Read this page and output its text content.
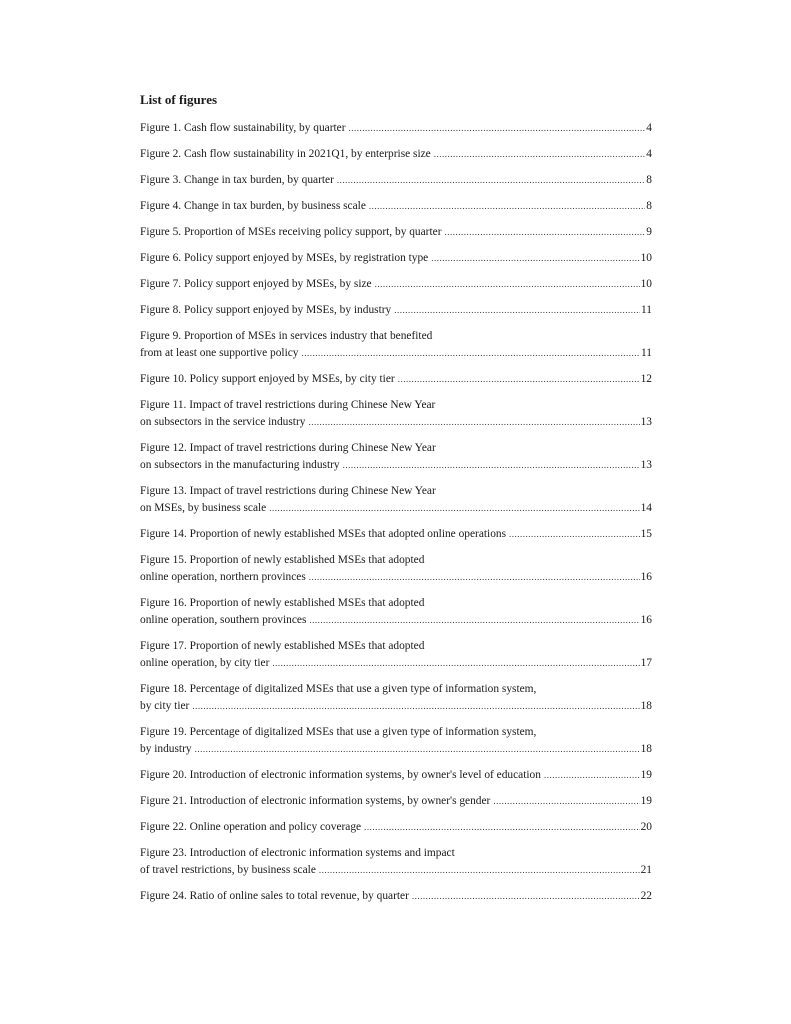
List of figures
Figure 1. Cash flow sustainability, by quarter .....	4
Figure 2. Cash flow sustainability in 2021Q1, by enterprise size .....	4
Figure 3. Change in tax burden, by quarter .....	8
Figure 4. Change in tax burden, by business scale .....	8
Figure 5. Proportion of MSEs receiving policy support, by quarter .....	9
Figure 6. Policy support enjoyed by MSEs, by registration type .....	10
Figure 7. Policy support enjoyed by MSEs, by size .....	10
Figure 8. Policy support enjoyed by MSEs, by industry .....	11
Figure 9. Proportion of MSEs in services industry that benefited
from at least one supportive policy .....	11
Figure 10. Policy support enjoyed by MSEs, by city tier .....	12
Figure 11. Impact of travel restrictions during Chinese New Year
on subsectors in the service industry .....	13
Figure 12. Impact of travel restrictions during Chinese New Year
on subsectors in the manufacturing industry .....	13
Figure 13. Impact of travel restrictions during Chinese New Year
on MSEs, by business scale .....	14
Figure 14. Proportion of newly established MSEs that adopted online operations .....	15
Figure 15. Proportion of newly established MSEs that adopted
online operation, northern provinces .....	16
Figure 16. Proportion of newly established MSEs that adopted
online operation, southern provinces .....	16
Figure 17. Proportion of newly established MSEs that adopted
online operation, by city tier .....	17
Figure 18. Percentage of digitalized MSEs that use a given type of information system,
by city tier .....	18
Figure 19. Percentage of digitalized MSEs that use a given type of information system,
by industry .....	18
Figure 20. Introduction of electronic information systems, by owner's level of education .....	19
Figure 21. Introduction of electronic information systems, by owner's gender .....	19
Figure 22. Online operation and policy coverage .....	20
Figure 23. Introduction of electronic information systems and impact
of travel restrictions, by business scale .....	21
Figure 24. Ratio of online sales to total revenue, by quarter .....	22
